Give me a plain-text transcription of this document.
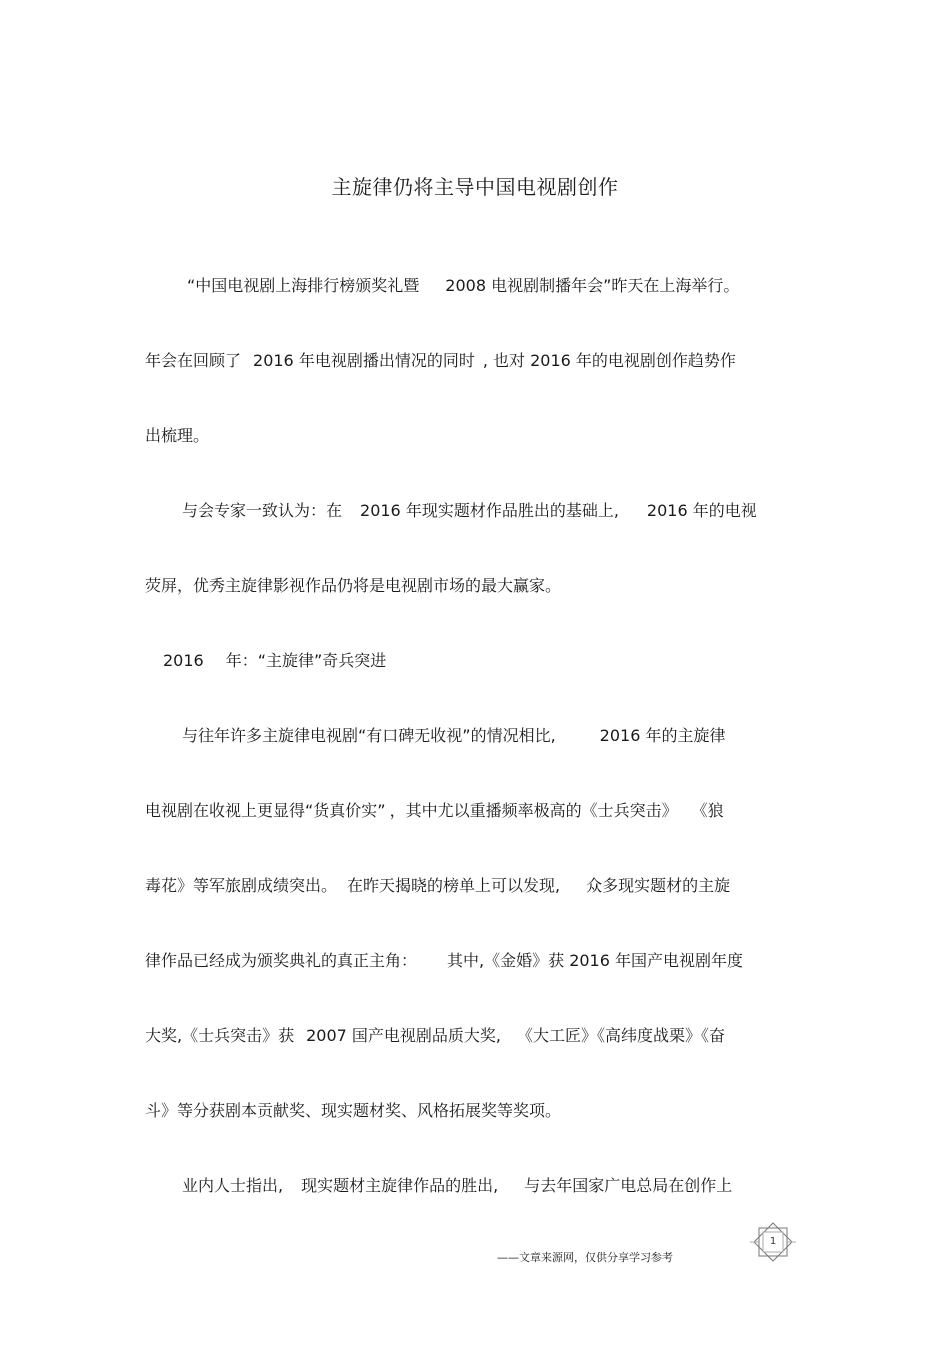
主旋律仍将主导中国电视剧创作
“中国电视剧上海排行榜颁奖礼暨 2008 电视剧制播年会”昨天在上海举行。
年会在回顾了 2016 年电视剧播出情况的同时 , 也对 2016 年的电视剧创作趋势作
出梳理。
与会专家一致认为：在 2016 年现实题材作品胜出的基础上, 2016 年的电视
荧屏，优秀主旋律影视作品仍将是电视剧市场的最大赢家。
2016 年：“主旋律”奇兵突进
与往年许多主旋律电视剧“有口碑无收视”的情况相比,	2016 年的主旋律
电视剧在收视上更显得“货真价实” ，其中尤以重播频率极高的《士兵突击》 《狼
毒花》等军旅剧成绩突出。 在昨天揭晓的榜单上可以发现, 众多现实题材的主旋
律作品已经成为颁奖典礼的真正主角： 其中,《金婚》获 2016 年国产电视剧年度
大奖,《士兵突击》获 2007 国产电视剧品质大奖, 《大工匠》《高纬度战栗》《奋
斗》等分获剧本贡献奖、现实题材奖、风格拓展奖等奖项。
业内人士指出, 现实题材主旋律作品的胜出, 与去年国家广电总局在创作上
1
——文章来源网，仅供分享学习参考
